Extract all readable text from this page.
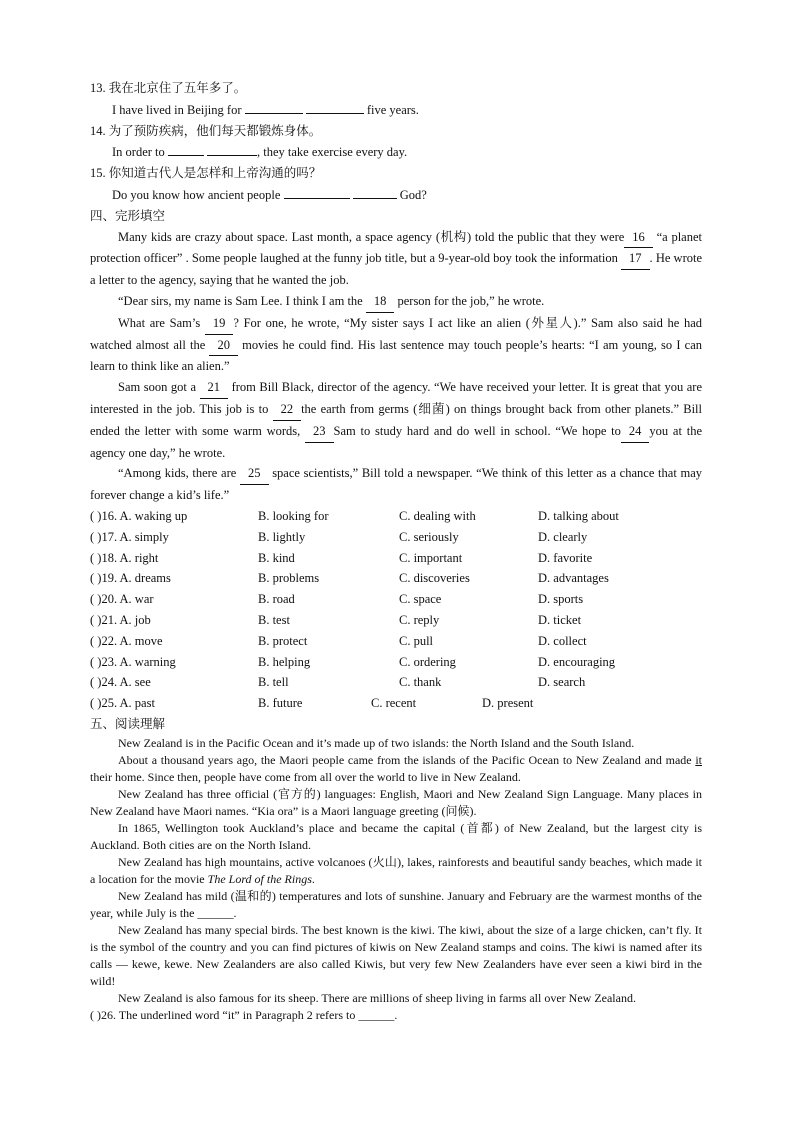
13. 我在北京住了五年多了。
I have lived in Beijing for	five years.
14. 为了预防疾病，他们每天都锻炼身体。
In order to	, they take exercise every day.
15. 你知道古代人是怎样和上帝沟通的吗？
Do you know how ancient people	God?
四、完形填空
Many kids are crazy about space. Last month, a space agency (机构) told the public that they were 16 “a planet protection officer” . Some people laughed at the funny job title, but a 9-year-old boy took the information 17 . He wrote a letter to the agency, saying that he wanted the job.
“Dear sirs, my name is Sam Lee. I think I am the 18 person for the job,” he wrote.
What are Sam’s 19 ? For one, he wrote, “My sister says I act like an alien (外星人).” Sam also said he had watched almost all the 20 movies he could find. His last sentence may touch people’s hearts: “I am young, so I can learn to think like an alien.”
Sam soon got a 21 from Bill Black, director of the agency. “We have received your letter. It is great that you are interested in the job. This job is to 22 the earth from germs (细菌) on things brought back from other planets.” Bill ended the letter with some warm words, 23 Sam to study hard and do well in school. “We hope to 24 you at the agency one day,” he wrote.
“Among kids, there are 25 space scientists,” Bill told a newspaper. “We think of this letter as a chance that may forever change a kid’s life.”
( )16. A. waking up	B. looking for	C. dealing with	D. talking about
( )17. A. simply	B. lightly	C. seriously	D. clearly
( )18. A. right	B. kind	C. important	D. favorite
( )19. A. dreams	B. problems	C. discoveries	D. advantages
( )20. A. war	B. road	C. space	D. sports
( )21. A. job	B. test	C. reply	D. ticket
( )22. A. move	B. protect	C. pull	D. collect
( )23. A. warning	B. helping	C. ordering	D. encouraging
( )24. A. see	B. tell	C. thank	D. search
( )25. A. past	B. future	C. recent	D. present
五、阅读理解
New Zealand is in the Pacific Ocean and it’s made up of two islands: the North Island and the South Island.
About a thousand years ago, the Maori people came from the islands of the Pacific Ocean to New Zealand and made it their home. Since then, people have come from all over the world to live in New Zealand.
New Zealand has three official (官方的) languages: English, Maori and New Zealand Sign Language. Many places in New Zealand have Maori names. “Kia ora” is a Maori language greeting (问候).
In 1865, Wellington took Auckland’s place and became the capital (首都) of New Zealand, but the largest city is Auckland. Both cities are on the North Island.
New Zealand has high mountains, active volcanoes (火山), lakes, rainforests and beautiful sandy beaches, which made it a location for the movie The Lord of the Rings.
New Zealand has mild (温和的) temperatures and lots of sunshine. January and February are the warmest months of the year, while July is the ______.
New Zealand has many special birds. The best known is the kiwi. The kiwi, about the size of a large chicken, can’t fly. It is the symbol of the country and you can find pictures of kiwis on New Zealand stamps and coins. The kiwi is named after its calls — kewe, kewe. New Zealanders are also called Kiwis, but very few New Zealanders have ever seen a kiwi bird in the wild!
New Zealand is also famous for its sheep. There are millions of sheep living in farms all over New Zealand.
( )26. The underlined word “it” in Paragraph 2 refers to ______.
